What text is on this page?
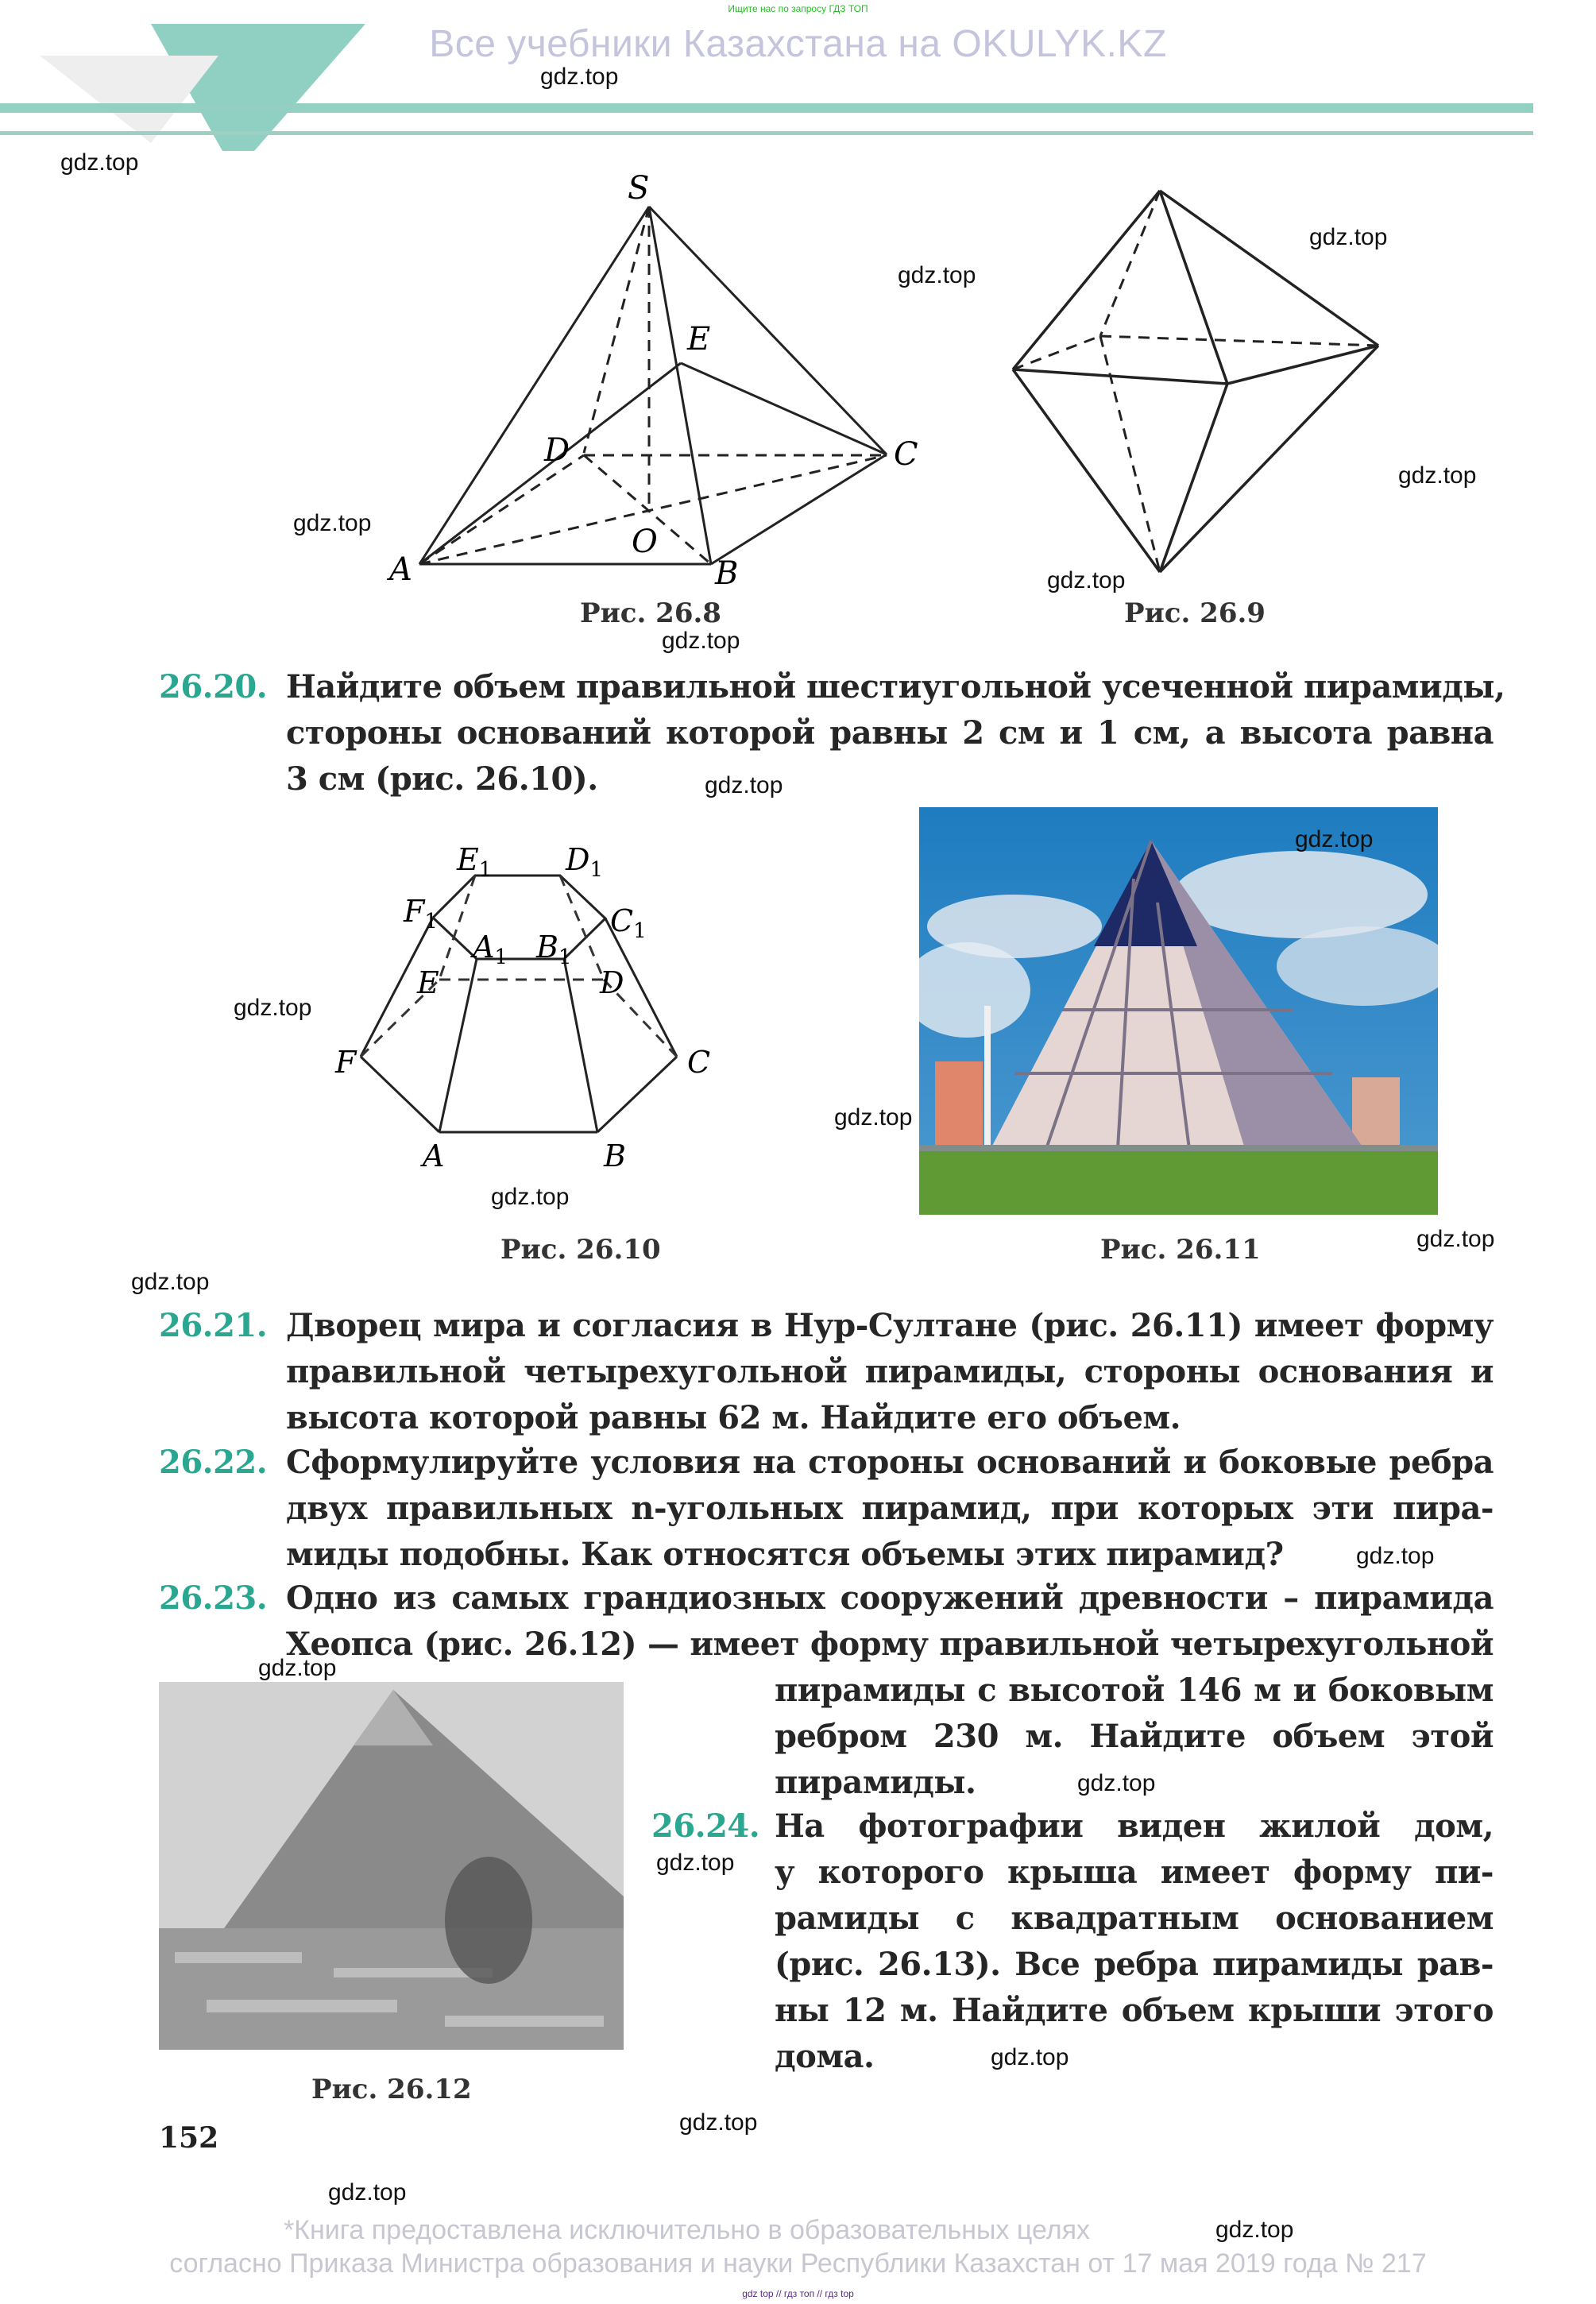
Ищите нас по запросу ГДЗ ТОП
Все учебники Казахстана на OKULYK.KZ
S
E
D	C
A
O
B
Рис. 26.8	Рис. 26.9
26.20. Найдите объем правильной шестиугольной усеченной пирамиды,
стороны оснований которой равны 2 см и 1 см, а высота равна
3 см (рис. 26.10).
$E_1$ $D_1$
$F_1$	$C_1$
$A_1$ $B_1$
E	D
F	C
A	B
Рис. 26.10	Рис. 26.11
26.21. Дворец мира и согласия в Нур-Султане (рис. 26.11) имеет форму
правильной четырехугольной пирамиды, стороны основания и
высота которой равны 62 м. Найдите его объем.
26.22. Сформулируйте условия на стороны оснований и боковые ребра
двух правильных n-угольных пирамид, при которых эти пира-
миды подобны. Как относятся объемы этих пирамид?
26.23. Одно из самых грандиозных сооружений древности – пирамида
Хеопса (рис. 26.12) — имеет форму правильной четырехугольной
пирамиды с высотой 146 м и боковым
ребром 230 м. Найдите объем этой
пирамиды.
26.24. На фотографии виден жилой дом,
у которого крыша имеет форму пи-
рамиды с квадратным основанием
(рис. 26.13). Все ребра пирамиды рав-
ны 12 м. Найдите объем крыши этого
дома.
Рис. 26.12
152
gdz.top
gdz.top
gdz.top
gdz.top
gdz.top
gdz.top
gdz.top
gdz.top
gdz.top
gdz.top
gdz.top
gdz.top
gdz.top
gdz.top
gdz.top
gdz.top
gdz.top
gdz.top
gdz.top
gdz.top
gdz.top
gdz.top
gdz.top
*Книга предоставлена исключительно в образовательных целях
согласно Приказа Министра образования и науки Республики Казахстан от 17 мая 2019 года № 217
gdz top // гдз топ // гдз top
